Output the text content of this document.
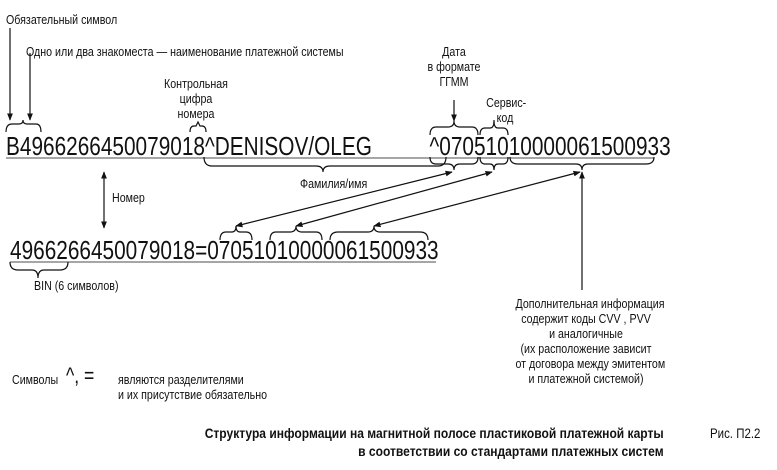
Обязательный символ
Одно или два знакоместа — наименование платежной системы
Контрольная
цифра
номера
Дата
в формате
ГГММ
Сервис-
код
B4966266450079018^DENISOV/OLEG ^07051010000061500933
Фамилия/имя
Номер
4966266450079018=07051010000061500933
BIN (6 символов)
Дополнительная информация
содержит коды CVV , PVV
и аналогичные
(их расположение зависит
от договора между эмитентом
и платежной системой)
Символы ^, = являются разделителями
и их присутствие обязательно
Структура информации на магнитной полосе пластиковой платежной карты
в соответствии со стандартами платежных систем
Рис. П2.2
